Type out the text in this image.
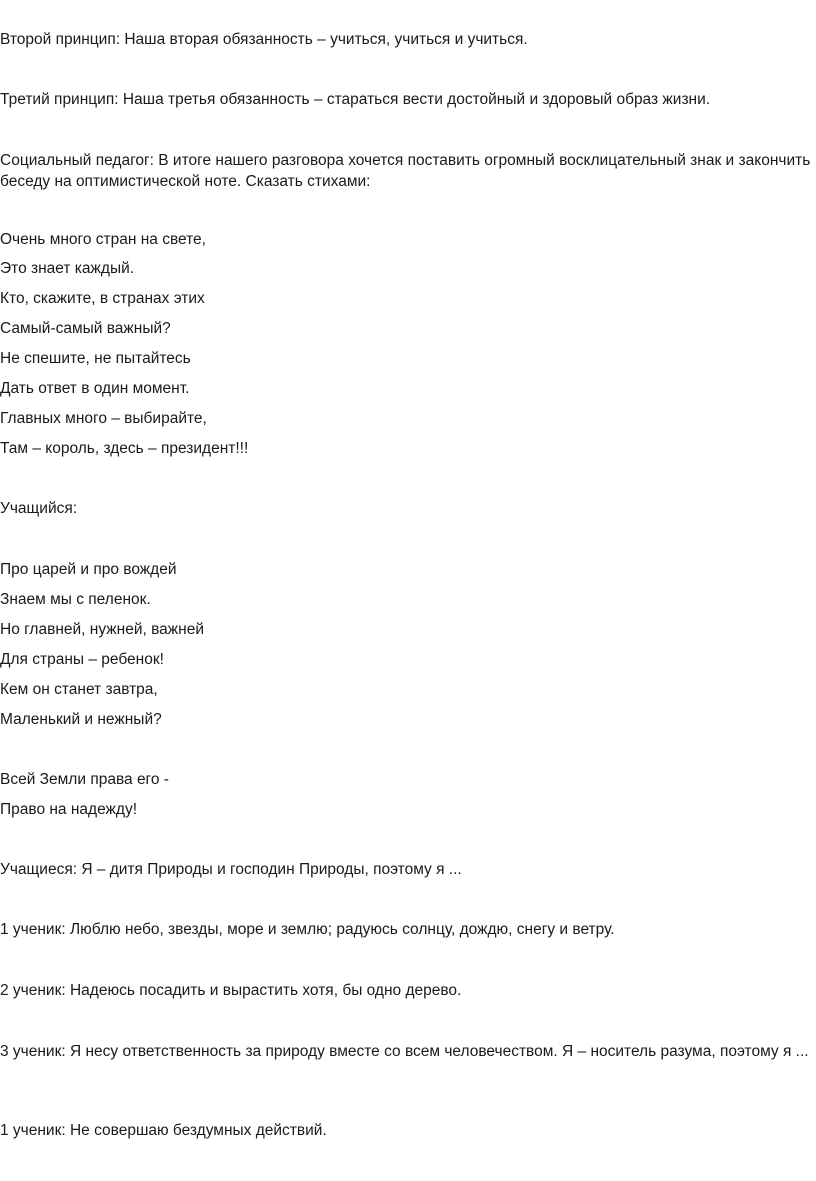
Второй принцип: Наша вторая обязанность – учиться, учиться и учиться.
Третий принцип: Наша третья обязанность – стараться вести достойный и здоровый образ жизни.
Социальный педагог: В итоге нашего разговора хочется поставить огромный восклицательный знак и закончить беседу на оптимистической ноте. Сказать стихами:
Очень много стран на свете,
Это знает каждый.
Кто, скажите, в странах этих
Самый-самый важный?
Не спешите, не пытайтесь
Дать ответ в один момент.
Главных много – выбирайте,
Там – король, здесь – президент!!!
Учащийся:
Про царей и про вождей
Знаем мы с пеленок.
Но главней, нужней, важней
Для страны – ребенок!
Кем он станет завтра,
Маленький и нежный?
Всей Земли права его -
Право на надежду!
Учащиеся: Я – дитя Природы и господин Природы, поэтому я ...
1 ученик: Люблю небо, звезды, море и землю; радуюсь солнцу, дождю, снегу и ветру.
2 ученик: Надеюсь посадить и вырастить хотя, бы одно дерево.
3 ученик: Я несу ответственность за природу вместе со всем человечеством. Я – носитель разума, поэтому я ...
1 ученик: Не совершаю бездумных действий.
